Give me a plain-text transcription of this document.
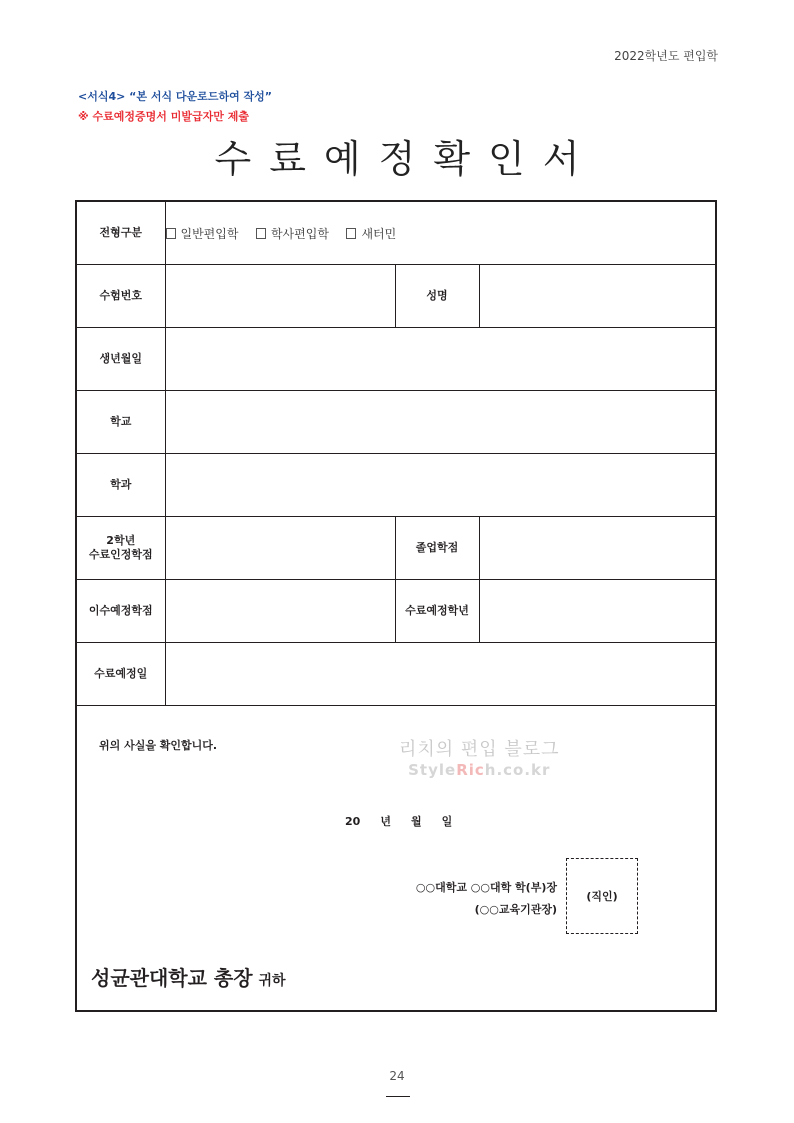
2022학년도 편입학
<서식4> “본 서식 다운로드하여 작성”
※ 수료예정증명서 미발급자만 제출
수료예정확인서
전형구분	일반편입학 학사편입학 새터민		
수험번호		성명	
생년월일			
학교			
학과			

2학년
수료인정학점		졸업학점	
이수예정학점		수료예정학년	
수료예정일			
리치의 편입 블로그
StyleRich.co.kr
위의 사실을 확인합니다.
20 년 월 일
○○대학교 ○○대학 학(부)장
(○○교육기관장)
(직인)
성균관대학교 총장 귀하
24
